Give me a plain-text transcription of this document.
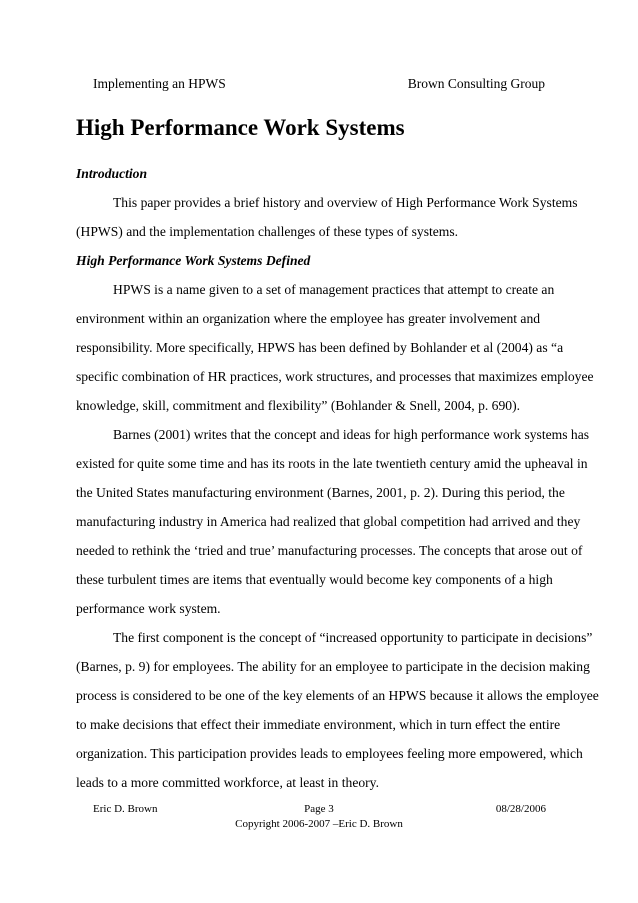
Implementing an HPWS	Brown Consulting Group
High Performance Work Systems
Introduction
This paper provides a brief history and overview of High Performance Work Systems
(HPWS) and the implementation challenges of these types of systems.
High Performance Work Systems Defined
HPWS is a name given to a set of management practices that attempt to create an
environment within an organization where the employee has greater involvement and
responsibility. More specifically, HPWS has been defined by Bohlander et al (2004) as “a
specific combination of HR practices, work structures, and processes that maximizes employee
knowledge, skill, commitment and flexibility” (Bohlander & Snell, 2004, p. 690).
Barnes (2001) writes that the concept and ideas for high performance work systems has
existed for quite some time and has its roots in the late twentieth century amid the upheaval in
the United States manufacturing environment (Barnes, 2001, p. 2). During this period, the
manufacturing industry in America had realized that global competition had arrived and they
needed to rethink the ‘tried and true’ manufacturing processes. The concepts that arose out of
these turbulent times are items that eventually would become key components of a high
performance work system.
The first component is the concept of “increased opportunity to participate in decisions”
(Barnes, p. 9) for employees. The ability for an employee to participate in the decision making
process is considered to be one of the key elements of an HPWS because it allows the employee
to make decisions that effect their immediate environment, which in turn effect the entire
organization. This participation provides leads to employees feeling more empowered, which
leads to a more committed workforce, at least in theory.
Eric D. Brown	Page 3
Copyright 2006-2007 –Eric D. Brown
08/28/2006
